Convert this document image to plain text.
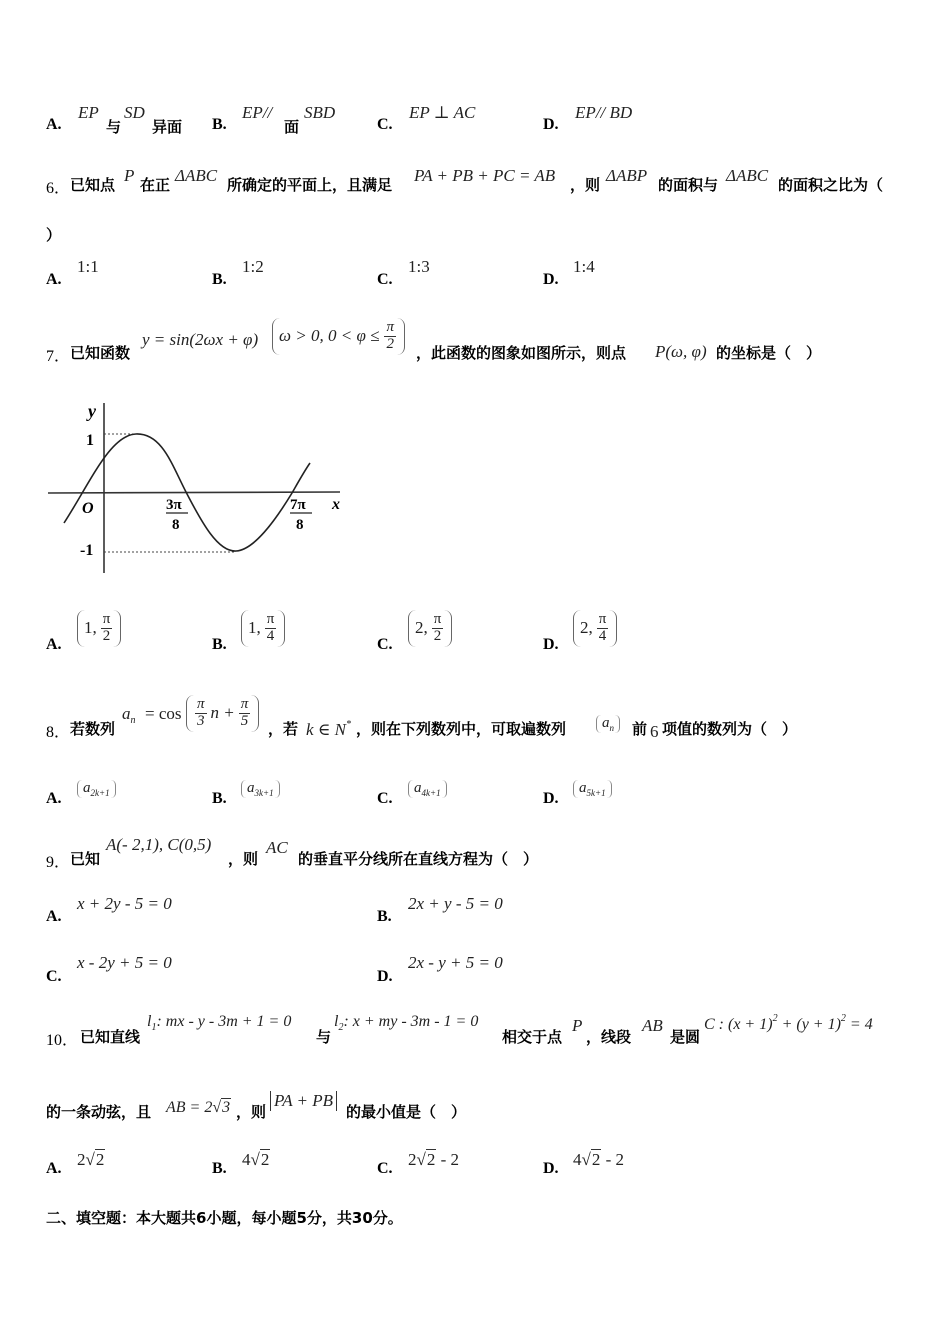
A.
EP
与
SD
异面 B.
EP//
面
SBD
C.
EP ⊥ AC
D.
EP// BD
6． 已知点 P 在正 ΔABC 所确定的平面上，且满足 PA + PB + PC = AB ，则 ΔABP 的面积与 ΔABC 的面积之比为（
）
A.
1:1
B.
1:2
C.
1:3
D.
1:4
7． 已知函数
y = sin(2ωx + φ) ω > 0, $0 < \varphi \le \frac{\pi}{2}$
，此函数的图象如图所示，则点 P(ω, φ) 的坐标是（　）
y
x
O
1
-1
3π
8
7π
8
A.
1, $\frac{\pi}{2}$	B.
1, $\frac{\pi}{4}$	C.
2, $\frac{\pi}{2}$	D.
2, $\frac{\pi}{4}$
8． 若数列
$a_n = \cos \frac{\pi}{3}$ $n + \frac{\pi}{5}$ ，若 k ∈ N* ，则在下列数列中，可取遍数列	$a_n$	前 6 项值的数列为（　）
A.
$a_{2k+1}$	B.
$a_{3k+1}$	C.
$a_{4k+1}$	D.
$a_{5k+1}$
9． 已知
A(- 2,1), C(0,5)
，则
AC
的垂直平分线所在直线方程为（　）
A.
x + 2y - 5 = 0
B.
2x + y - 5 = 0
C.
x - 2y + 5 = 0
D.
2x - y + 5 = 0
10． 已知直线
$l_1$: mx - y - 3m + 1 = 0
与
$l_2$: x + my - 3m - 1 = 0
相交于点
P
，线段
AB
是圆
C : $(x + 1)^2 + (y + 1)^2 = 4$
的一条动弦，且 AB = 2√3 ，则
PA + PB
的最小值是（　）
A. 2√2	B. 4√2	C. 2√2 - 2	D. 4√2 - 2
二、填空题：本大题共6小题，每小题5分，共30分。
